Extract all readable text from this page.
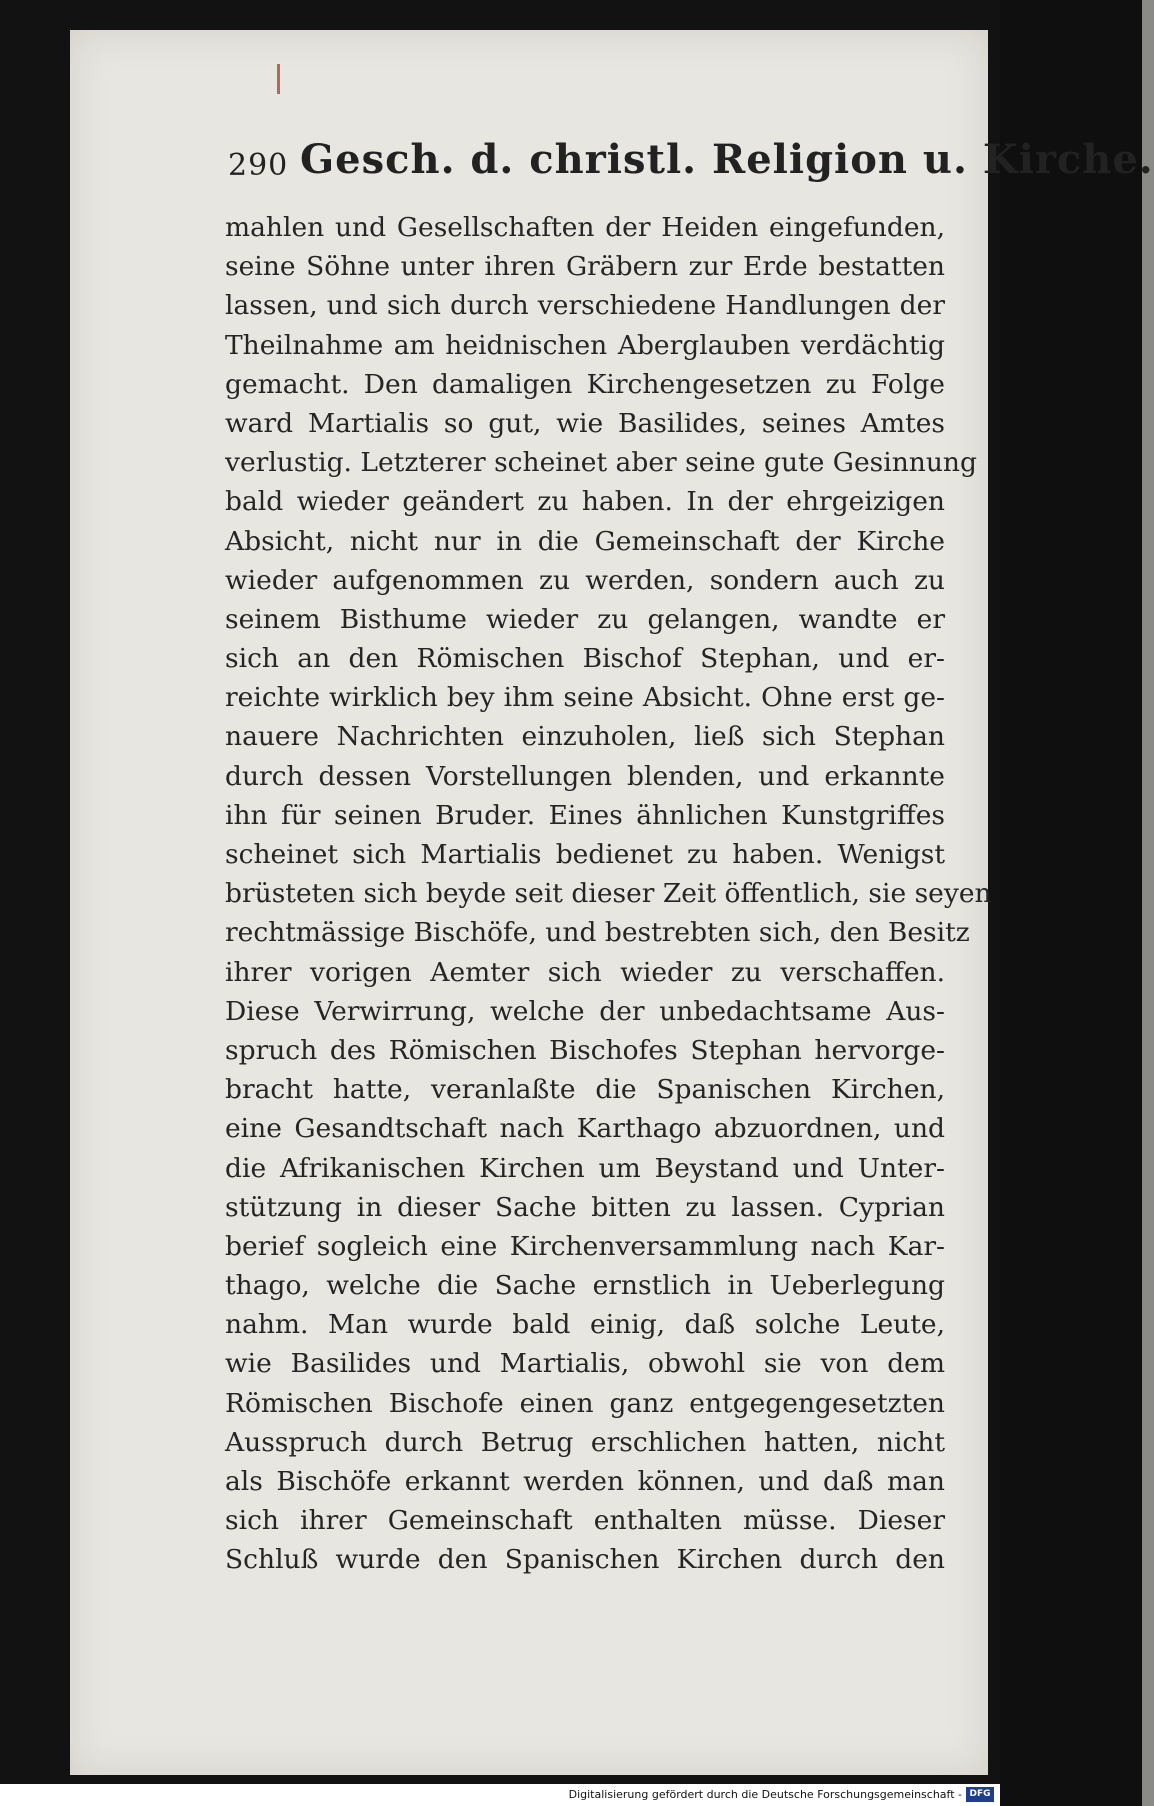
290 Gesch. d. christl. Religion u. Kirche.
mahlen und Gesellschaften der Heiden eingefunden,
seine Söhne unter ihren Gräbern zur Erde bestatten
lassen, und sich durch verschiedene Handlungen der
Theilnahme am heidnischen Aberglauben verdächtig
gemacht. Den damaligen Kirchengesetzen zu Folge
ward Martialis so gut, wie Basilides, seines Amtes
verlustig. Letzterer scheinet aber seine gute Gesinnung
bald wieder geändert zu haben. In der ehrgeizigen
Absicht, nicht nur in die Gemeinschaft der Kirche
wieder aufgenommen zu werden, sondern auch zu
seinem Bisthume wieder zu gelangen, wandte er
sich an den Römischen Bischof Stephan, und er-
reichte wirklich bey ihm seine Absicht. Ohne erst ge-
nauere Nachrichten einzuholen, ließ sich Stephan
durch dessen Vorstellungen blenden, und erkannte
ihn für seinen Bruder. Eines ähnlichen Kunstgriffes
scheinet sich Martialis bedienet zu haben. Wenigst
brüsteten sich beyde seit dieser Zeit öffentlich, sie seyen
rechtmässige Bischöfe, und bestrebten sich, den Besitz
ihrer vorigen Aemter sich wieder zu verschaffen.
Diese Verwirrung, welche der unbedachtsame Aus-
spruch des Römischen Bischofes Stephan hervorge-
bracht hatte, veranlaßte die Spanischen Kirchen,
eine Gesandtschaft nach Karthago abzuordnen, und
die Afrikanischen Kirchen um Beystand und Unter-
stützung in dieser Sache bitten zu lassen. Cyprian
berief sogleich eine Kirchenversammlung nach Kar-
thago, welche die Sache ernstlich in Ueberlegung
nahm. Man wurde bald einig, daß solche Leute,
wie Basilides und Martialis, obwohl sie von dem
Römischen Bischofe einen ganz entgegengesetzten
Ausspruch durch Betrug erschlichen hatten, nicht
als Bischöfe erkannt werden können, und daß man
sich ihrer Gemeinschaft enthalten müsse. Dieser
Schluß wurde den Spanischen Kirchen durch den
Digitalisierung gefördert durch die Deutsche Forschungsgemeinschaft - DFG
